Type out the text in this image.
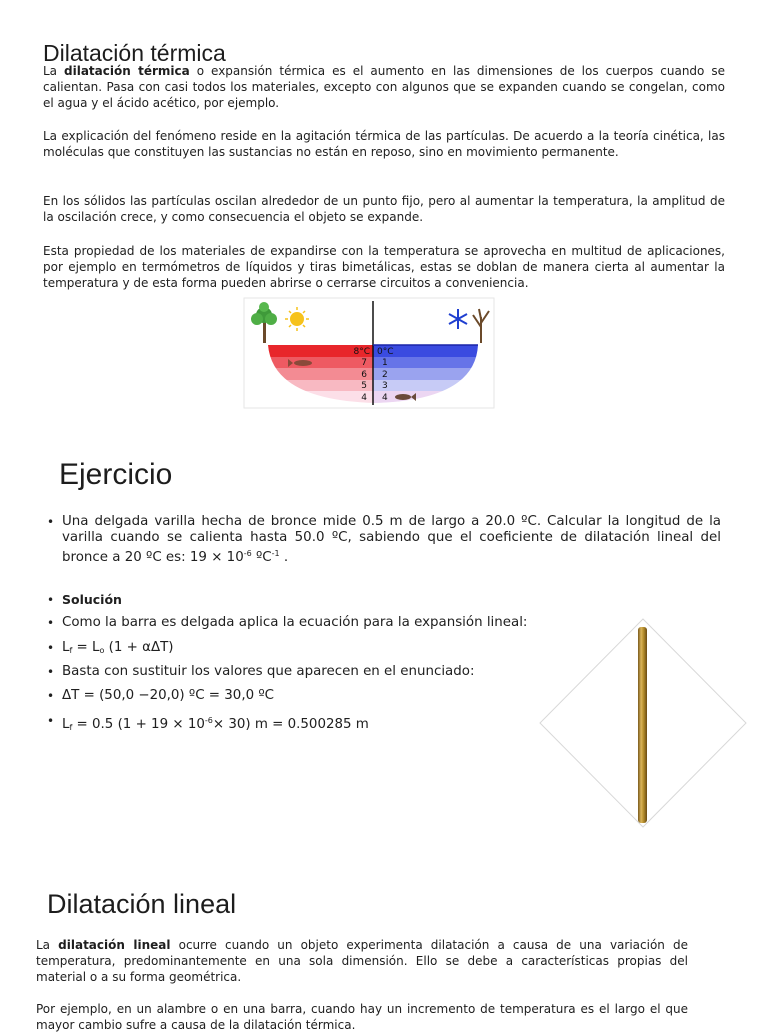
Dilatación térmica
La dilatación térmica o expansión térmica es el aumento en las dimensiones de los cuerpos cuando se calientan. Pasa con casi todos los materiales, excepto con algunos que se expanden cuando se congelan, como el agua y el ácido acético, por ejemplo.
La explicación del fenómeno reside en la agitación térmica de las partículas. De acuerdo a la teoría cinética, las moléculas que constituyen las sustancias no están en reposo, sino en movimiento permanente.
En los sólidos las partículas oscilan alrededor de un punto fijo, pero al aumentar la temperatura, la amplitud de la oscilación crece, y como consecuencia el objeto se expande.
Esta propiedad de los materiales de expandirse con la temperatura se aprovecha en multitud de aplicaciones, por ejemplo en termómetros de líquidos y tiras bimetálicas, estas se doblan de manera cierta al aumentar la temperatura y de esta forma pueden abrirse o cerrarse circuitos a conveniencia.
8°C
7
6
5
4
0°C
1
2
3
4
Ejercicio
• Una delgada varilla hecha de bronce mide 0.5 m de largo a 20.0 ºC. Calcular la longitud de la varilla cuando se calienta hasta 50.0 ºC, sabiendo que el coeficiente de dilatación lineal del bronce a 20 ºC es: $19 \times 10^{-6}$ ºC$^{-1}$ .
• Solución
• Como la barra es delgada aplica la ecuación para la expansión lineal:
• $L_f = L_o$ (1 + αΔT)
• Basta con sustituir los valores que aparecen en el enunciado:
• ΔT = (50,0 −20,0) ºC = 30,0 ºC
• $L_f = 0.5$ $(1 + 19 \times 10^{-6}\times 30)$ m = 0.500285 m
Dilatación lineal
La dilatación lineal ocurre cuando un objeto experimenta dilatación a causa de una variación de temperatura, predominantemente en una sola dimensión. Ello se debe a características propias del material o a su forma geométrica.
Por ejemplo, en un alambre o en una barra, cuando hay un incremento de temperatura es el largo el que mayor cambio sufre a causa de la dilatación térmica.
